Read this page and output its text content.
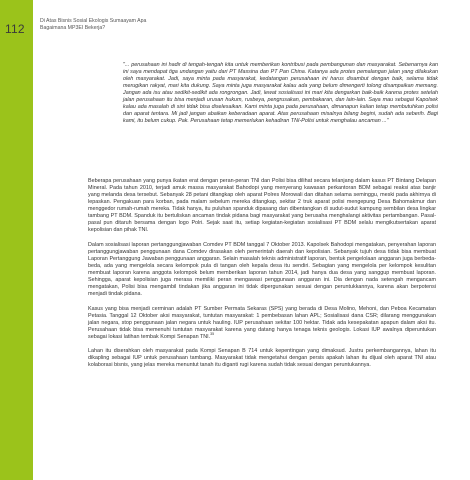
112
Di Atas Bisnis Sosial Ekologis Sumaayam Apa
Bagaimana MP3EI Bekerja?
"... perusahaan ini hadir di tengah-tengah kita untuk memberikan kontribusi pada pembangunan dan masyarakat. Sebenarnya kan ini saya mendapat tiga undangan yaitu dari PT Massina dan PT Pan China. Katanya ada protes pemalangan jalan yang dilakukan oleh masyarakat. Jadi, saya minta pada masyarakat, kedatangan perusahaan ini harus disambut dengan baik, selama tidak merugikan rakyat, mari kita dukung. Saya minta juga masyarakat kalau ada yang belum dimengerti tolong disampaikan memang. Jangan ada isu atau sedikit-sedikit ada rongrongan. Jadi, lewat sosialisasi ini mari kita dengarkan baik-baik karena protes setelah jalan perusahaan itu bisa menjadi urusan hukum, rusbeya, pengrusakan, pembakaran, dan lain-lain. Saya mau sebagai Kapolsek kalau ada masalah di sini tidak bisa diselesaikan. Kami minta juga pada perusahaan, dimanapun kalian tetap membutuhkan polisi dan aparat tentara. Mi jadi jangan abaikan keberadaan aparat. Atas perusahaan misalnya bilang begini, sudah ada seberih. Bagi kami, itu belum cukup. Pak. Perusahaan tetap memerlukan kehadiran TNI-Polisi untuk menghalau ancaman ..."

Beberapa perusahaan yang punya ikatan erat dengan peran-peran TNI dan Polisi bisa dilihat secara telanjang dalam kasus PT Bintang Delapan Mineral. Pada tahun 2010, terjadi amuk massa masyarakat Bahodopi yang menyerang kawasan perkantoran BDM sebagai reaksi atas banjir yang melanda desa tersebut. Sebanyak 28 petani ditangkap oleh aparat Polres Morowali dan ditahan selama seminggu, meski pada akhirnya di lepaskan. Pengakuan para korban, pada malam sebelum mereka ditangkap, sekitar 2 truk aparat polisi mengepung Desa Bahomakmur dan menggedor rumah-rumah mereka. Tidak hanya, itu puluhan spanduk dipasang dan dibentangkan di sudut-sudut kampung sembilan desa lingkar tambang PT BDM. Spanduk itu bertuliskan ancaman tindak pidana bagi masyarakat yang berusaha menghalangi aktivitas pertambangan. Pasal-pasal pun ditaruh bersama dengan logo Polri. Sejak saat itu, setiap kegiatan-kegiatan sosialisasi PT BDM selalu mengikutsertakan aparat kepolisian dan pihak TNI.

Dalam sosialisasi laporan pertanggungjawaban Comdev PT BDM tanggal 7 Oktober 2013. Kapolsek Bahodopi mengatakan, penyerahan laporan pertanggungjawaban penggunaan dana Comdev dirasakan oleh pemerintah daerah dan kepolisian. Sebanyak tujuh desa tidak bisa membuat Laporan Pertanggung Jawaban penggunaan anggaran. Selain masalah teknis administratif laporan, bentuk pengelolaan anggaran juga berbeda-beda, ada yang mengelola secara kelompok pula di tangan oleh kepala desa itu sendiri. Sebagian yang mengelola per kelompok kesulitan membuat laporan karena anggota kelompok belum memberikan laporan tahun 2014, jadi hanya dua desa yang sanggup membuat laporan. Sehingga, aparat kepolisian juga merasa memiliki peran mengawasi penggunaan anggaran ini. Dia dengan nada setengah mengancam mengatakan, Polisi bisa mengambil tindakan jika anggaran ini tidak dipergunakan sesuai dengan peruntukkannya, karena akan berpotensi menjadi tindak pidana.

Kasus yang bisa menjadi cerminan adalah PT Sumber Permata Sekaras (SPS) yang berada di Desa Molino, Mehoni, dan Peboa Kecamatan Petasia. Tanggal 12 Oktober aksi masyarakat, tuntutan masyarakat: 1 pembebasan lahan APL; Sosialisasi dana CSR; dilarang menggunakan jalan negara, stop penggunaan jalan negara untuk hauling. IUP perusahaan sekitar 100 hektar. Tidak ada kesepakatan apapun dalam aksi itu. Perusahaan tidak bisa memenuhi tuntutan masyarakat karena yang datang hanya tenaga teknis geologis. Lokasi IUP awalnya diperuntukan sebagai lokasi latihan tembak Kompi Senapan TNI.$^{35}$

Lahan itu diserahkan oleh masyarakat pada Kompi Senapan B 714 untuk kepentingan yang dimaksud. Justru perkembangannya, lahan itu dikapling sebagai IUP untuk perusahaan tambang. Masyarakat tidak mengetahui dengan persis apakah lahan itu dijual oleh aparat TNI atau kolaborasi bisnis, yang jelas mereka menuntut tanah itu diganti rugi karena sudah tidak sesuai dengan peruntukannya.
